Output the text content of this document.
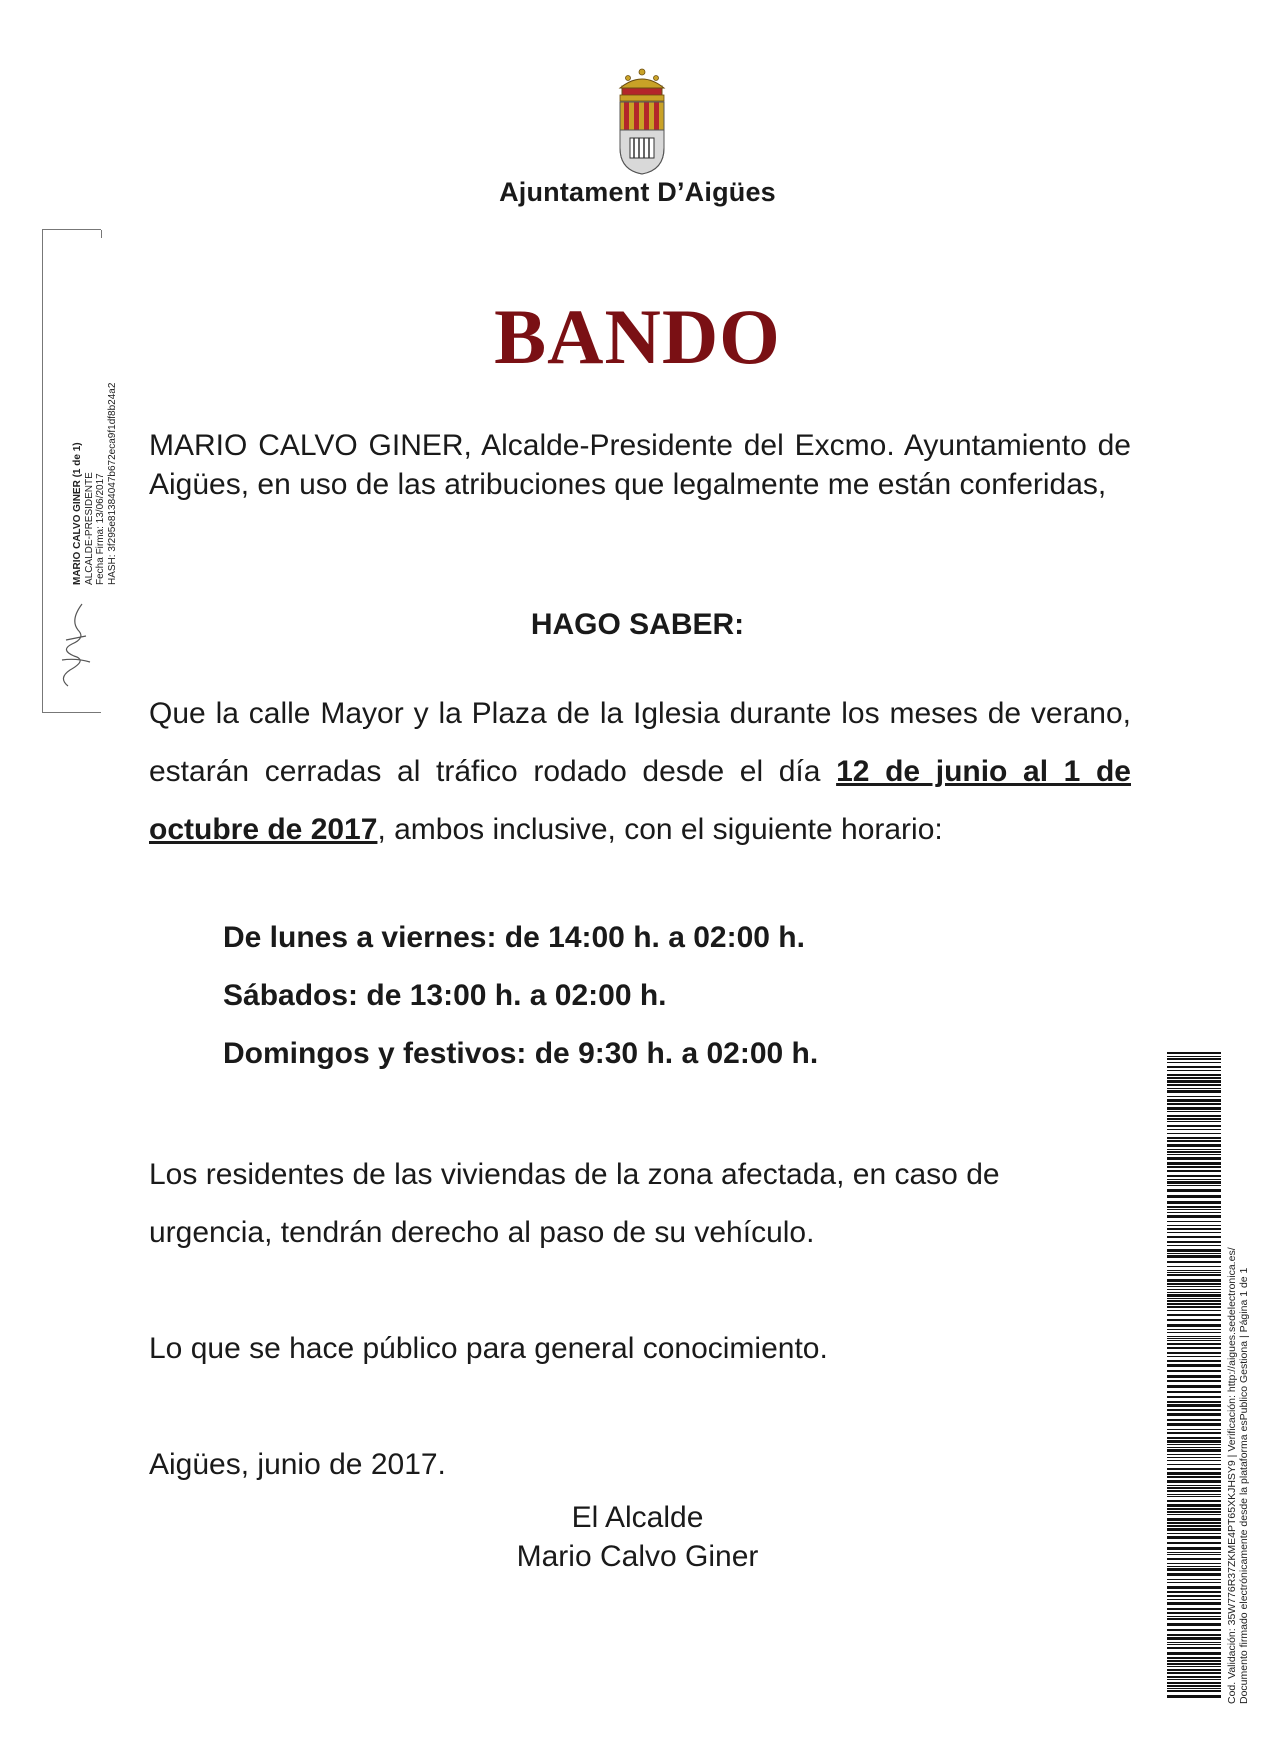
Ajuntament D’Aigües
BANDO
MARIO CALVO GINER, Alcalde-Presidente del Excmo. Ayuntamiento de Aigües, en uso de las atribuciones que legalmente me están conferidas,
HAGO SABER:
Que la calle Mayor y la Plaza de la Iglesia durante los meses de verano, estarán cerradas al tráfico rodado desde el día 12 de junio al 1 de octubre de 2017, ambos inclusive, con el siguiente horario:
De lunes a viernes: de 14:00 h. a 02:00 h.
Sábados: de 13:00 h. a 02:00 h.
Domingos y festivos: de 9:30 h. a 02:00 h.
Los residentes de las viviendas de la zona afectada, en caso de urgencia, tendrán derecho al paso de su vehículo.
Lo que se hace público para general conocimiento.
Aigües, junio de 2017.
El Alcalde
Mario Calvo Giner
MARIO CALVO GINER (1 de 1) ALCALDE-PRESIDENTE Fecha Firma: 13/06/2017 HASH: 3f295e81384047b672eca9f1df8b24a2
Cod. Validación: 35W776R37ZKME4PT65XKJHSY9 | Verificación: http://aigues.sedelectronica.es/ Documento firmado electrónicamente desde la plataforma esPublico Gestiona | Página 1 de 1
